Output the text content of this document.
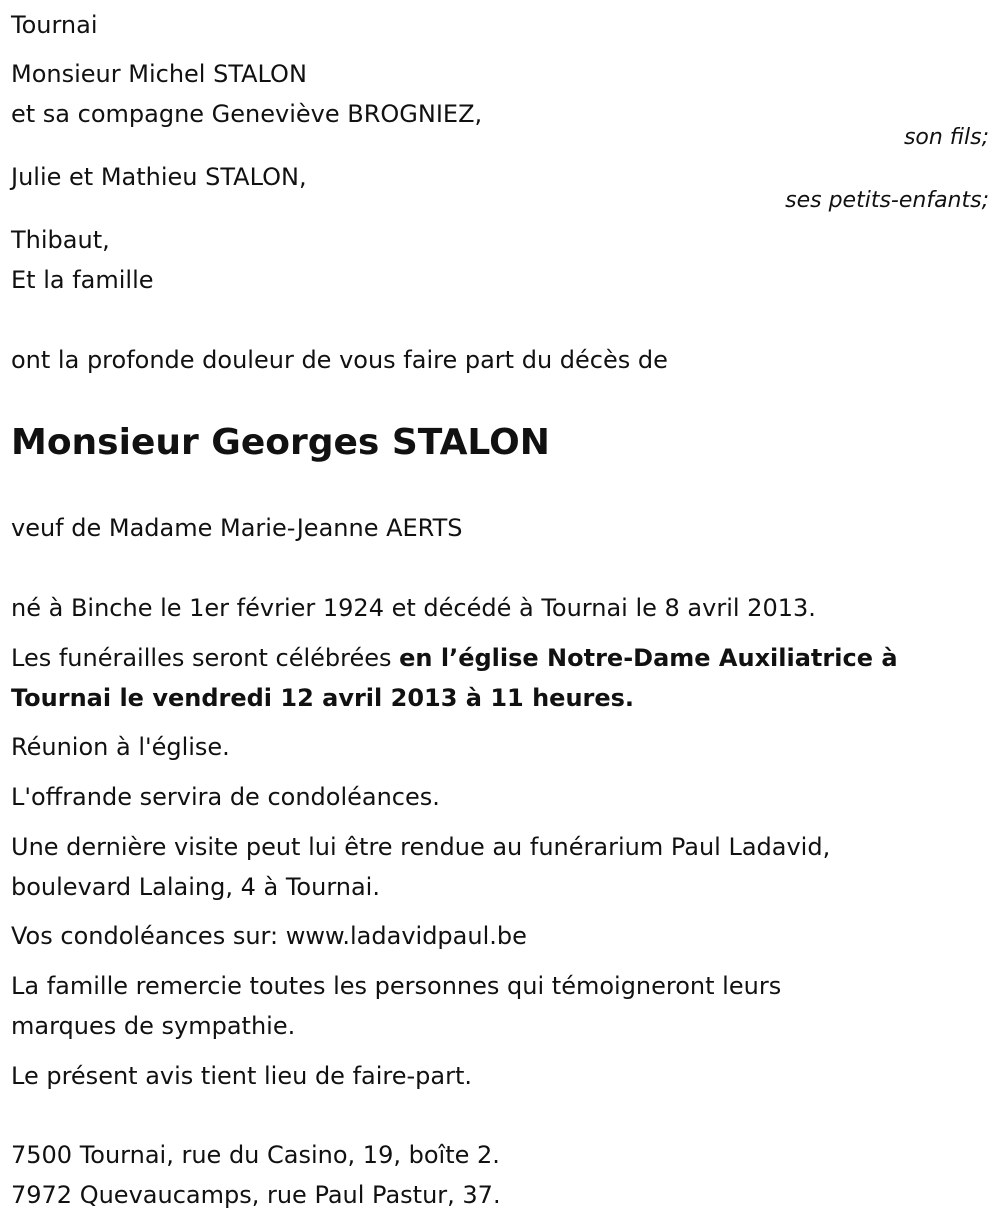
Tournai

Monsieur Michel STALON

et sa compagne Geneviève BROGNIEZ,

son fils;

Julie et Mathieu STALON,

ses petits-enfants;

Thibaut,

Et la famille

ont la profonde douleur de vous faire part du décès de

Monsieur Georges STALON

veuf de Madame Marie-Jeanne AERTS

né à Binche le 1er février 1924 et décédé à Tournai le 8 avril 2013.

Les funérailles seront célébrées en l’église Notre-Dame Auxiliatrice à

Tournai le vendredi 12 avril 2013 à 11 heures.

Réunion à l'église.

L'offrande servira de condoléances.

Une dernière visite peut lui être rendue au funérarium Paul Ladavid,

boulevard Lalaing, 4 à Tournai.

Vos condoléances sur: www.ladavidpaul.be

La famille remercie toutes les personnes qui témoigneront leurs

marques de sympathie.

Le présent avis tient lieu de faire-part.

7500 Tournai, rue du Casino, 19, boîte 2.

7972 Quevaucamps, rue Paul Pastur, 37.
